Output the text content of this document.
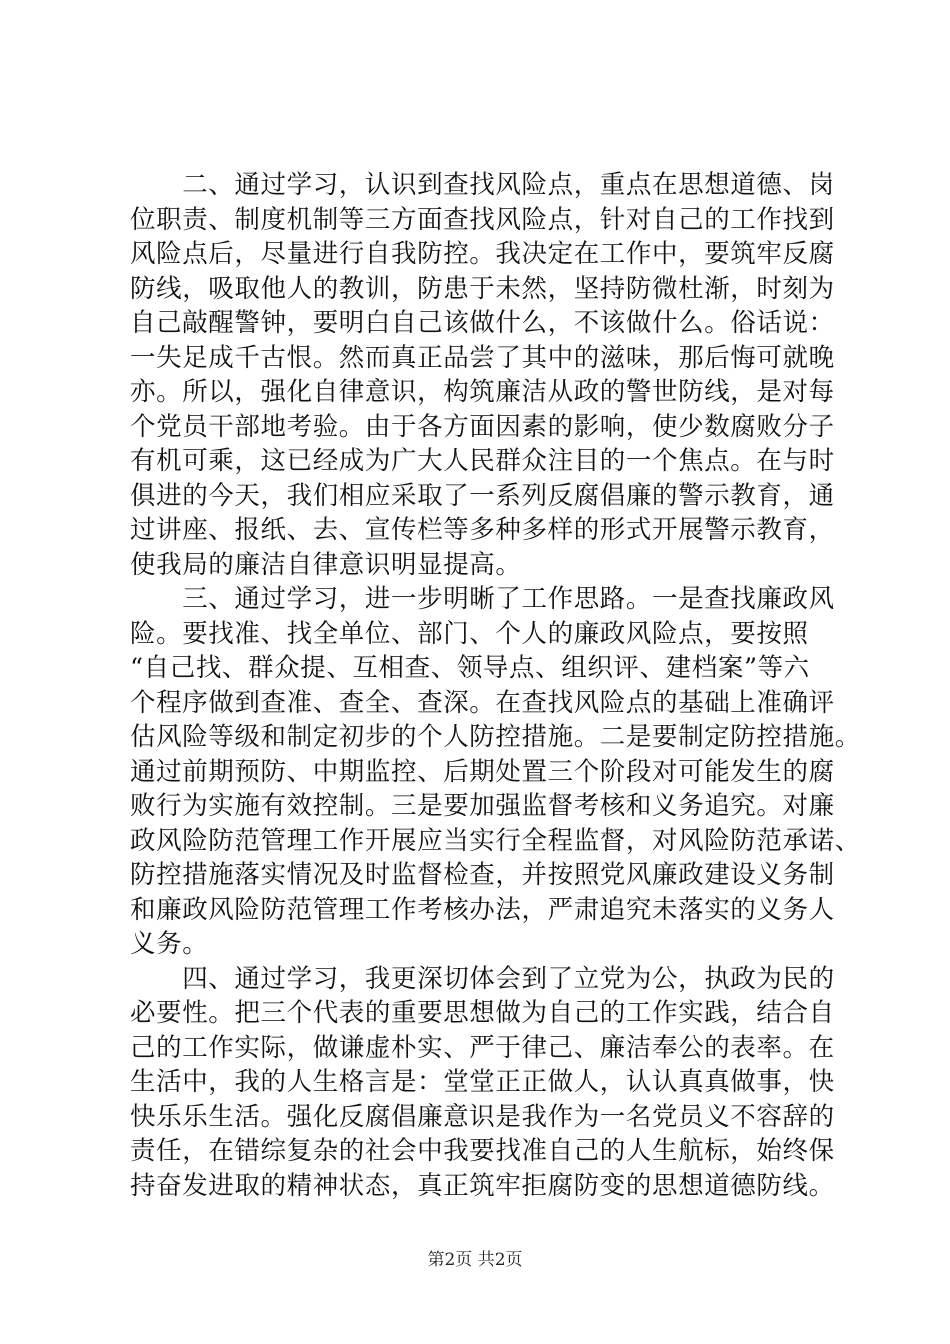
　　二、通过学习，认识到查找风险点，重点在思想道德、岗
位职责、制度机制等三方面查找风险点，针对自己的工作找到
风险点后，尽量进行自我防控。我决定在工作中，要筑牢反腐
防线，吸取他人的教训，防患于未然，坚持防微杜渐，时刻为
自己敲醒警钟，要明白自己该做什么，不该做什么。俗话说：
一失足成千古恨。然而真正品尝了其中的滋味，那后悔可就晚
亦。所以，强化自律意识，构筑廉洁从政的警世防线，是对每
个党员干部地考验。由于各方面因素的影响，使少数腐败分子
有机可乘，这已经成为广大人民群众注目的一个焦点。在与时
俱进的今天，我们相应采取了一系列反腐倡廉的警示教育，通
过讲座、报纸、去、宣传栏等多种多样的形式开展警示教育，
使我局的廉洁自律意识明显提高。
　　三、通过学习，进一步明晰了工作思路。一是查找廉政风
险。要找准、找全单位、部门、个人的廉政风险点，要按照
“自己找、群众提、互相查、领导点、组织评、建档案”等六
个程序做到查准、查全、查深。在查找风险点的基础上准确评
估风险等级和制定初步的个人防控措施。二是要制定防控措施。
通过前期预防、中期监控、后期处置三个阶段对可能发生的腐
败行为实施有效控制。三是要加强监督考核和义务追究。对廉
政风险防范管理工作开展应当实行全程监督，对风险防范承诺、
防控措施落实情况及时监督检查，并按照党风廉政建设义务制
和廉政风险防范管理工作考核办法，严肃追究未落实的义务人
义务。
　　四、通过学习，我更深切体会到了立党为公，执政为民的
必要性。把三个代表的重要思想做为自己的工作实践，结合自
己的工作实际，做谦虚朴实、严于律己、廉洁奉公的表率。在
生活中，我的人生格言是：堂堂正正做人，认认真真做事，快
快乐乐生活。强化反腐倡廉意识是我作为一名党员义不容辞的
责任，在错综复杂的社会中我要找准自己的人生航标，始终保
持奋发进取的精神状态，真正筑牢拒腐防变的思想道德防线。
第2页 共2页
